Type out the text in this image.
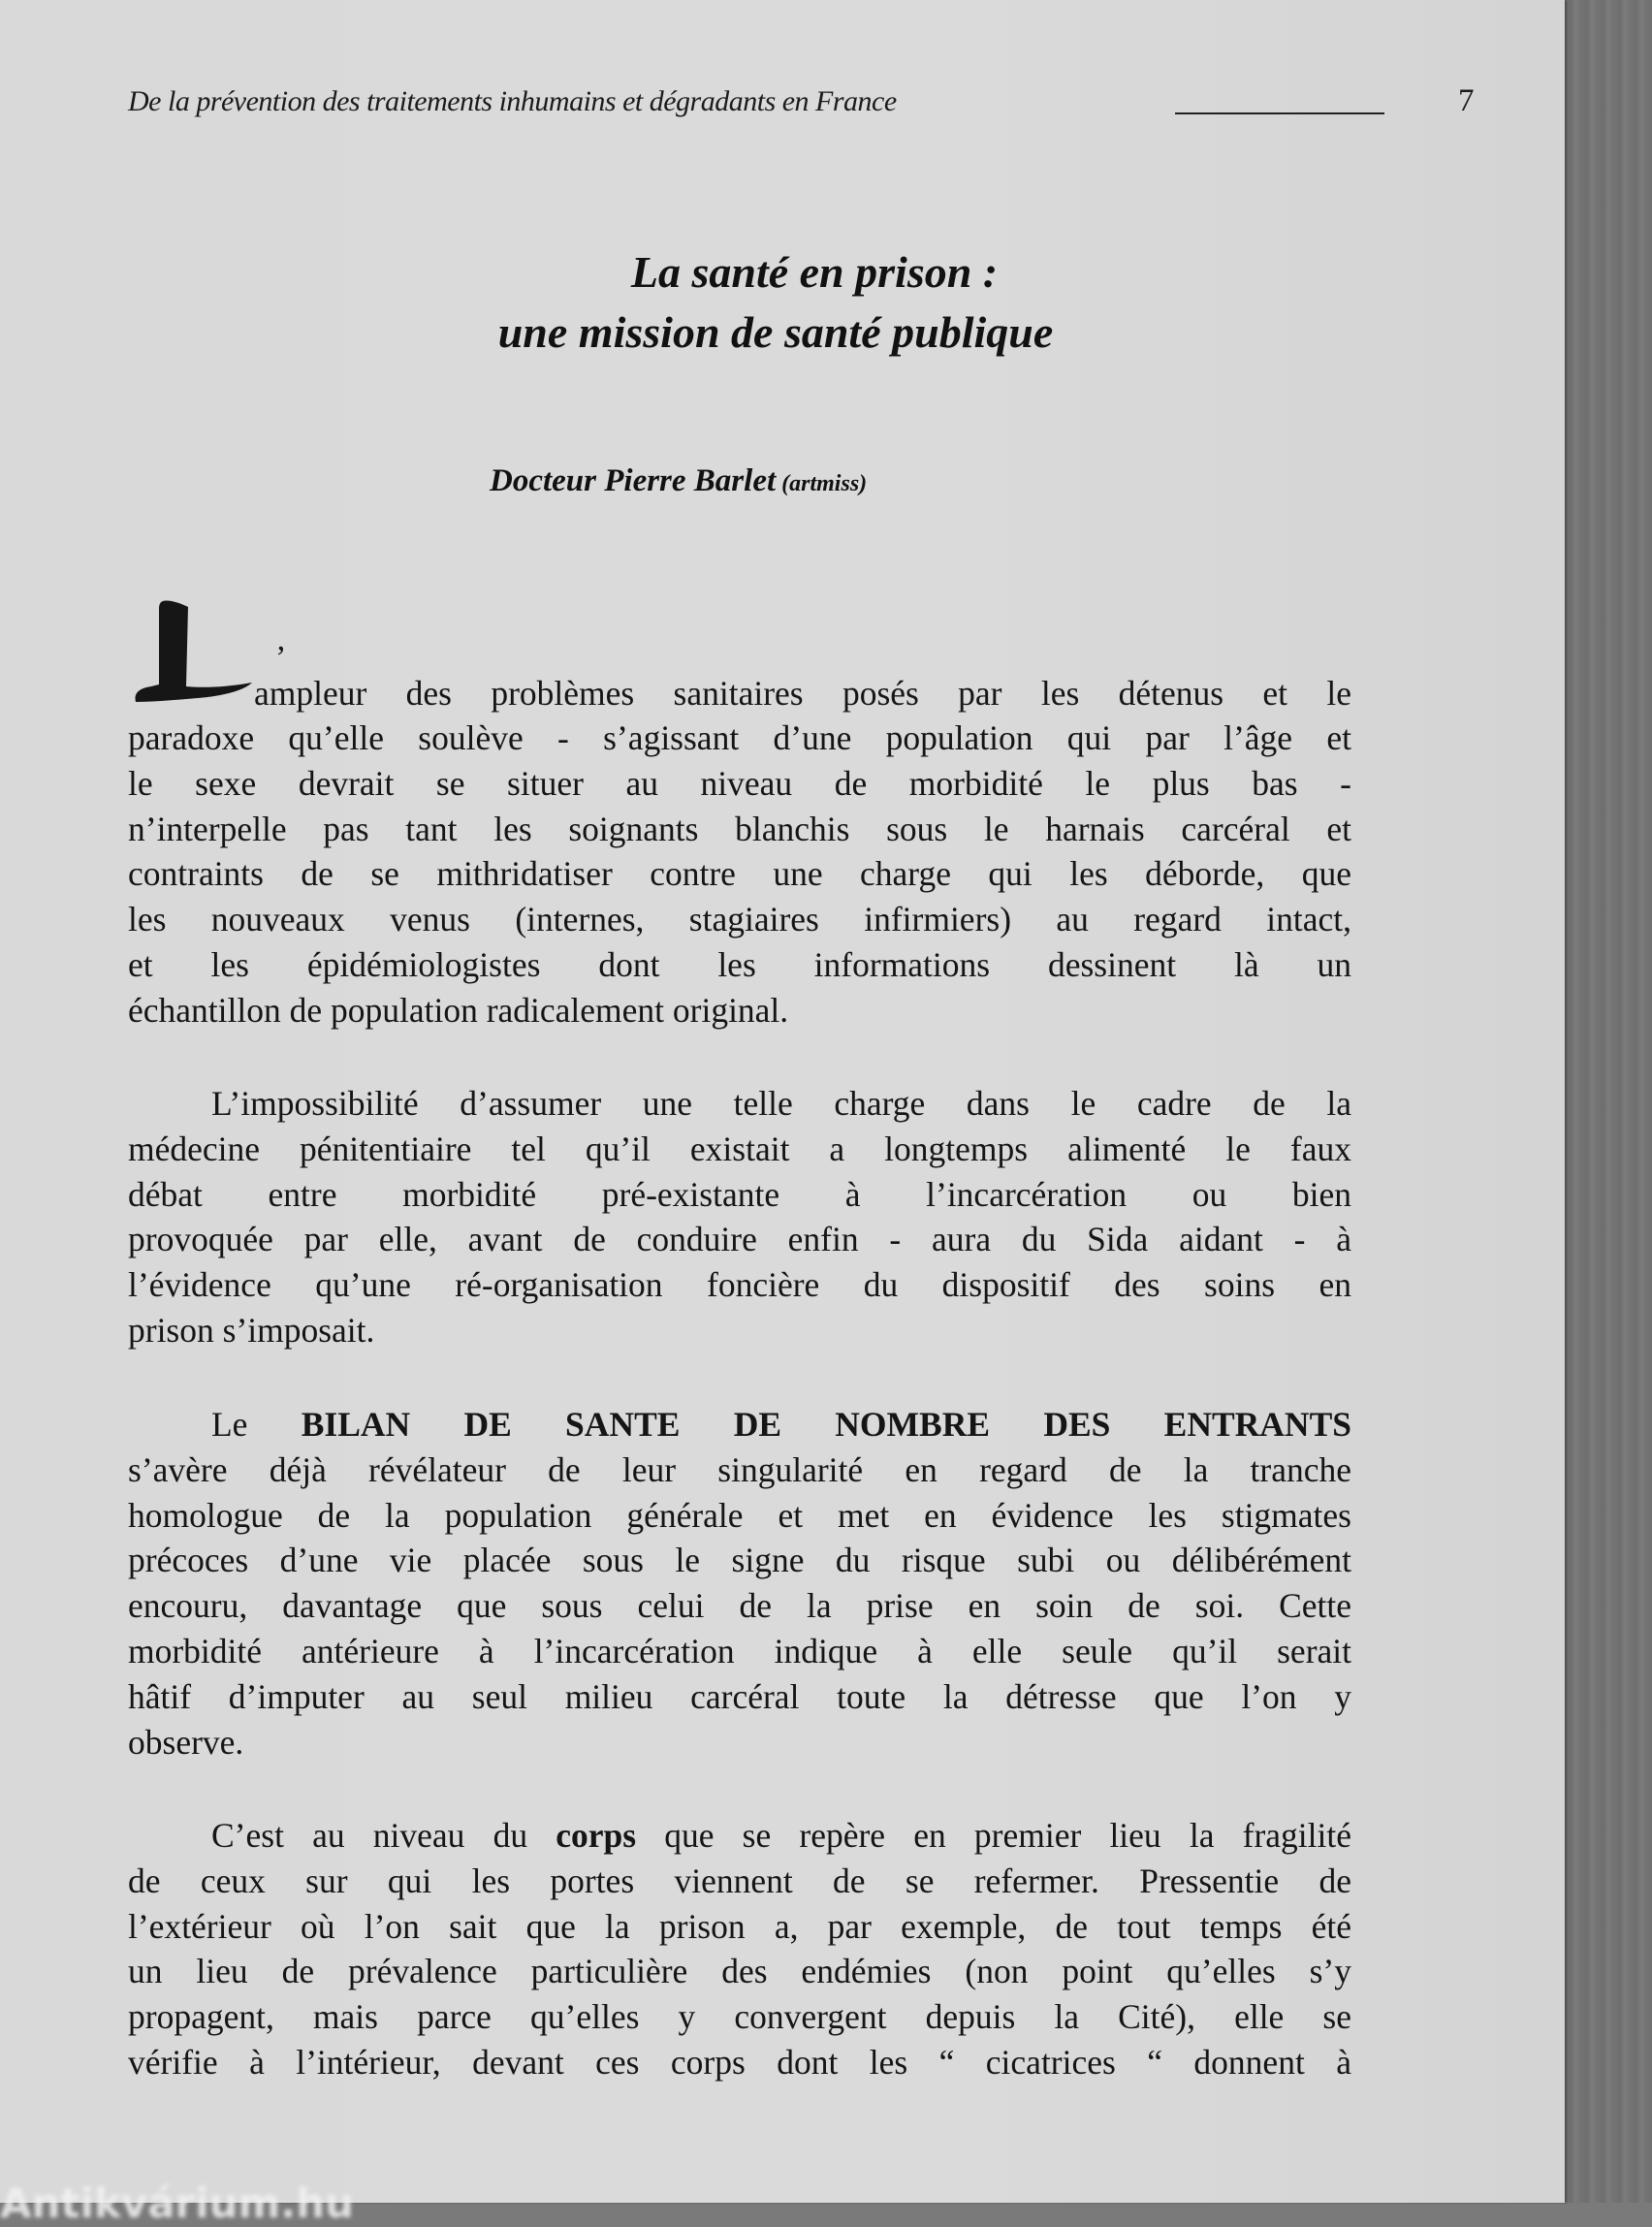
De la prévention des traitements inhumains et dégradants en France	7
La santé en prison :
une mission de santé publique
Docteur Pierre Barlet (artmiss)
’
ampleur des problèmes sanitaires posés par les détenus et le
paradoxe qu’elle soulève - s’agissant d’une population qui par l’âge et
le sexe devrait se situer au niveau de morbidité le plus bas -
n’interpelle pas tant les soignants blanchis sous le harnais carcéral et
contraints de se mithridatiser contre une charge qui les déborde, que
les nouveaux venus (internes, stagiaires infirmiers) au regard intact,
et les épidémiologistes dont les informations dessinent là un
échantillon de population radicalement original.
L’impossibilité d’assumer une telle charge dans le cadre de la
médecine pénitentiaire tel qu’il existait a longtemps alimenté le faux
débat entre morbidité pré-existante à l’incarcération ou bien
provoquée par elle, avant de conduire enfin - aura du Sida aidant - à
l’évidence qu’une ré-organisation foncière du dispositif des soins en
prison s’imposait.
Le BILAN DE SANTE DE NOMBRE DES ENTRANTS
s’avère déjà révélateur de leur singularité en regard de la tranche
homologue de la population générale et met en évidence les stigmates
précoces d’une vie placée sous le signe du risque subi ou délibérément
encouru, davantage que sous celui de la prise en soin de soi. Cette
morbidité antérieure à l’incarcération indique à elle seule qu’il serait
hâtif d’imputer au seul milieu carcéral toute la détresse que l’on y
observe.
C’est au niveau du corps que se repère en premier lieu la fragilité
de ceux sur qui les portes viennent de se refermer. Pressentie de
l’extérieur où l’on sait que la prison a, par exemple, de tout temps été
un lieu de prévalence particulière des endémies (non point qu’elles s’y
propagent, mais parce qu’elles y convergent depuis la Cité), elle se
vérifie à l’intérieur, devant ces corps dont les “ cicatrices “ donnent à
Antikvárium.hu
